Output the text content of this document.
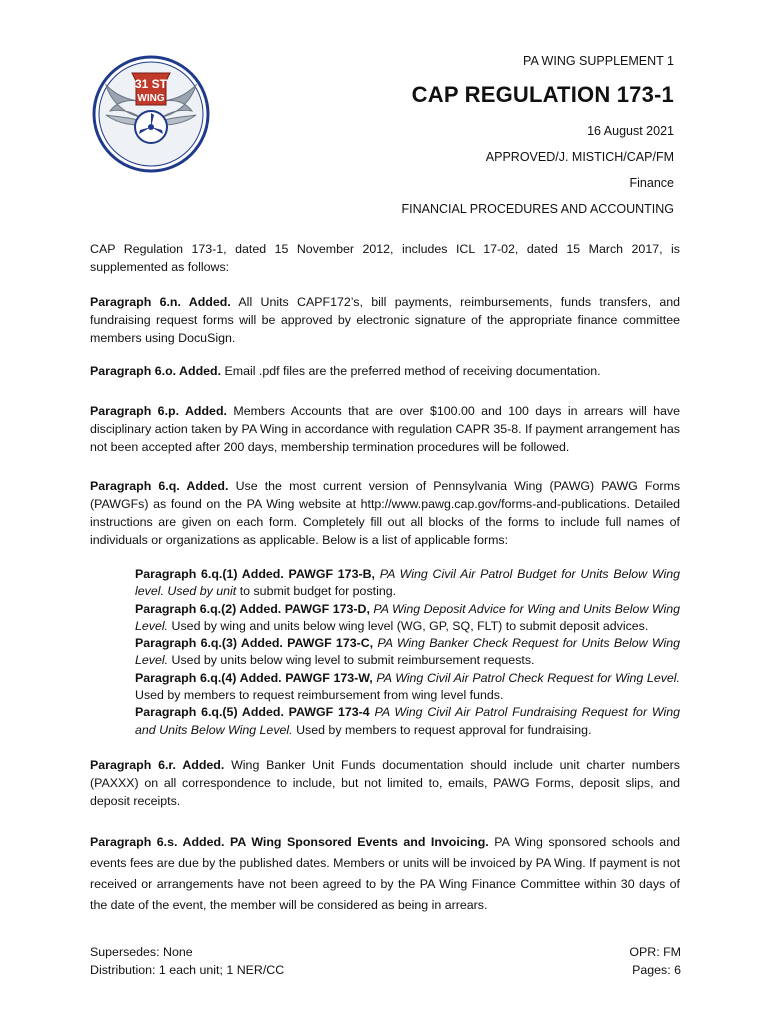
31 ST
WING
PA WING SUPPLEMENT 1
CAP REGULATION 173-1
16 August 2021
APPROVED/J. MISTICH/CAP/FM
Finance
FINANCIAL PROCEDURES AND ACCOUNTING
CAP Regulation 173-1, dated 15 November 2012, includes ICL 17-02, dated 15 March 2017, is supplemented as follows:
Paragraph 6.n. Added. All Units CAPF172’s, bill payments, reimbursements, funds transfers, and fundraising request forms will be approved by electronic signature of the appropriate finance committee members using DocuSign.
Paragraph 6.o. Added. Email .pdf files are the preferred method of receiving documentation.
Paragraph 6.p. Added. Members Accounts that are over $100.00 and 100 days in arrears will have disciplinary action taken by PA Wing in accordance with regulation CAPR 35-8. If payment arrangement has not been accepted after 200 days, membership termination procedures will be followed.
Paragraph 6.q. Added. Use the most current version of Pennsylvania Wing (PAWG) PAWG Forms (PAWGFs) as found on the PA Wing website at http://www.pawg.cap.gov/forms-and-publications. Detailed instructions are given on each form. Completely fill out all blocks of the forms to include full names of individuals or organizations as applicable. Below is a list of applicable forms:

Paragraph 6.q.(1) Added. PAWGF 173-B, PA Wing Civil Air Patrol Budget for Units Below Wing level. Used by unit to submit budget for posting.

Paragraph 6.q.(2) Added. PAWGF 173-D, PA Wing Deposit Advice for Wing and Units Below Wing Level. Used by wing and units below wing level (WG, GP, SQ, FLT) to submit deposit advices.

Paragraph 6.q.(3) Added. PAWGF 173-C, PA Wing Banker Check Request for Units Below Wing Level. Used by units below wing level to submit reimbursement requests.

Paragraph 6.q.(4) Added. PAWGF 173-W, PA Wing Civil Air Patrol Check Request for Wing Level. Used by members to request reimbursement from wing level funds.

Paragraph 6.q.(5) Added. PAWGF 173-4 PA Wing Civil Air Patrol Fundraising Request for Wing and Units Below Wing Level. Used by members to request approval for fundraising.

Paragraph 6.r. Added. Wing Banker Unit Funds documentation should include unit charter numbers (PAXXX) on all correspondence to include, but not limited to, emails, PAWG Forms, deposit slips, and deposit receipts.
Paragraph 6.s. Added. PA Wing Sponsored Events and Invoicing. PA Wing sponsored schools and events fees are due by the published dates. Members or units will be invoiced by PA Wing. If payment is not received or arrangements have not been agreed to by the PA Wing Finance Committee within 30 days of the date of the event, the member will be considered as being in arrears.
Supersedes: None
Distribution: 1 each unit; 1 NER/CC
OPR: FM
Pages: 6
